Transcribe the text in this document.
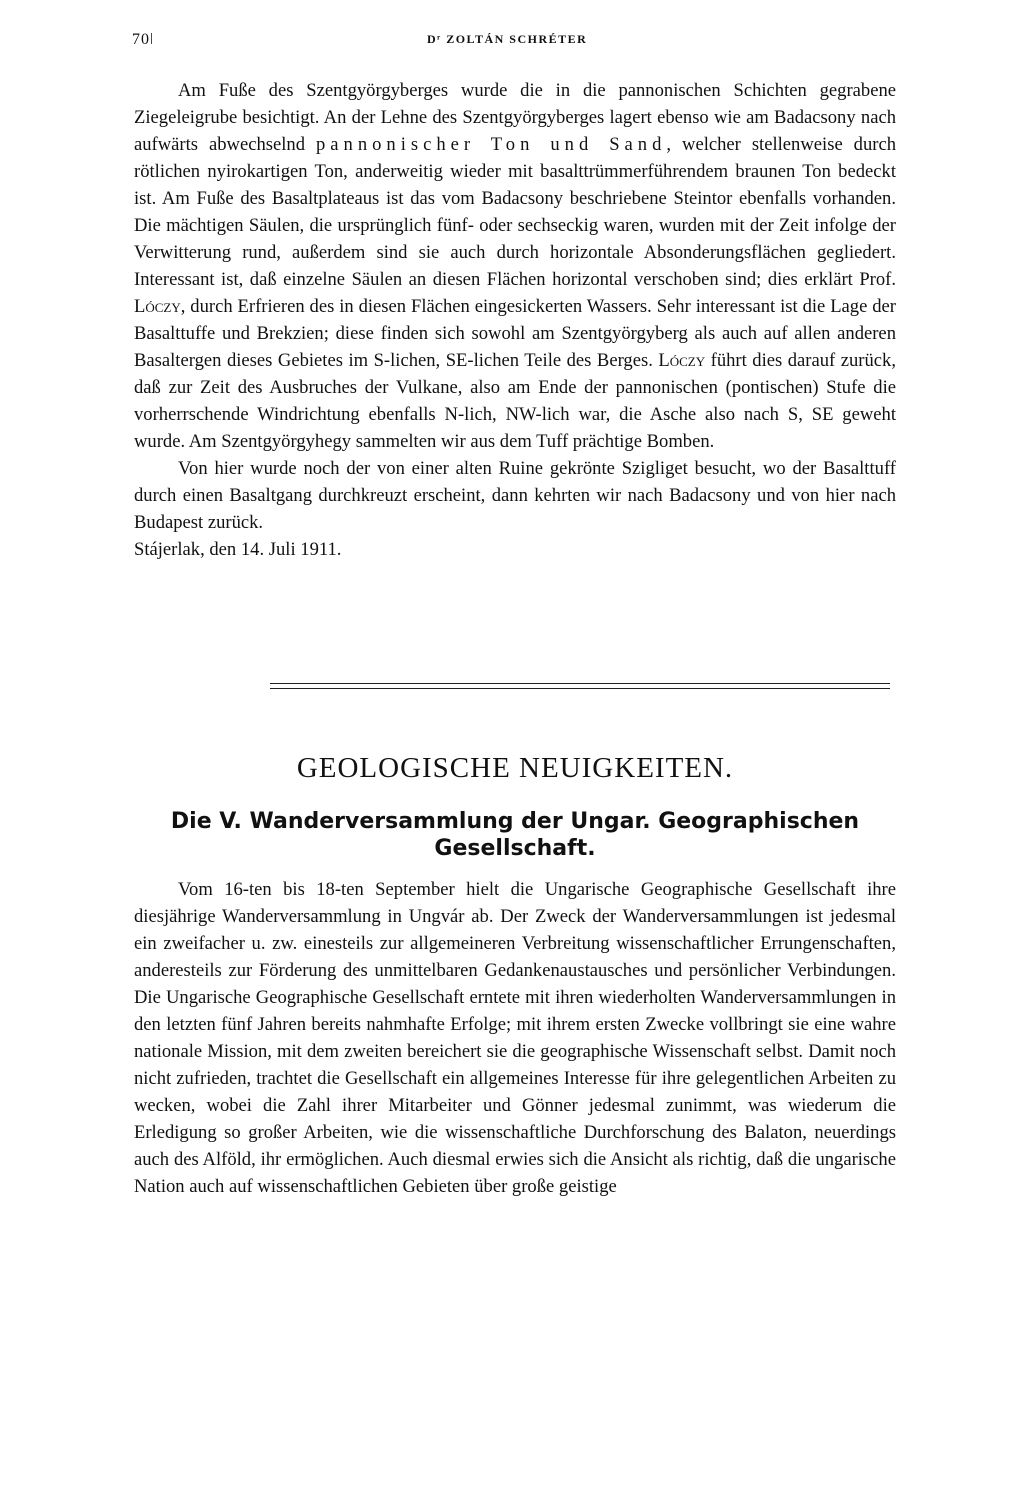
70⁠ǀ	Dʳ ZOLTÁN SCHRÉTER

Am Fuße des Szentgyörgyberges wurde die in die pannonischen Schichten gegrabene Ziegeleigrube besichtigt. An der Lehne des Szentgyörgyberges lagert ebenso wie am Badacsony nach aufwärts abwechselnd pannonischer Ton und Sand, welcher stellenweise durch rötlichen nyirokartigen Ton, anderweitig wieder mit basalttrümmerführendem braunen Ton bedeckt ist. Am Fuße des Basaltplateaus ist das vom Badacsony beschriebene Steintor ebenfalls vorhanden. Die mächtigen Säulen, die ursprünglich fünf- oder sechseckig waren, wurden mit der Zeit infolge der Verwitterung rund, außerdem sind sie auch durch horizontale Absonderungsflächen gegliedert. Interessant ist, daß einzelne Säulen an diesen Flächen horizontal verschoben sind; dies erklärt Prof. Lóczy, durch Erfrieren des in diesen Flächen eingesickerten Wassers. Sehr interessant ist die Lage der Basalttuffe und Brekzien; diese finden sich sowohl am Szentgyörgyberg als auch auf allen anderen Basaltergen dieses Gebietes im S-lichen, SE-lichen Teile des Berges. Lóczy führt dies darauf zurück, daß zur Zeit des Ausbruches der Vulkane, also am Ende der pannonischen (pontischen) Stufe die vorherrschende Windrichtung ebenfalls N-lich, NW-lich war, die Asche also nach S, SE geweht wurde. Am Szentgyörgyhegy sammelten wir aus dem Tuff prächtige Bomben.

Von hier wurde noch der von einer alten Ruine gekrönte Szigliget besucht, wo der Basalttuff durch einen Basaltgang durchkreuzt erscheint, dann kehrten wir nach Badacsony und von hier nach Budapest zurück.

Stájerlak, den 14. Juli 1911.

GEOLOGISCHE NEUIGKEITEN.
Die V. Wanderversammlung der Ungar. Geographischen
Gesellschaft.

Vom 16-ten bis 18-ten September hielt die Ungarische Geographische Gesellschaft ihre diesjährige Wanderversammlung in Ungvár ab. Der Zweck der Wanderversammlungen ist jedesmal ein zweifacher u. zw. einesteils zur allgemeineren Verbreitung wissenschaftlicher Errungenschaften, anderesteils zur Förderung des unmittelbaren Gedankenaustausches und persönlicher Verbindungen. Die Ungarische Geographische Gesellschaft erntete mit ihren wiederholten Wanderversammlungen in den letzten fünf Jahren bereits nahmhafte Erfolge; mit ihrem ersten Zwecke vollbringt sie eine wahre nationale Mission, mit dem zweiten bereichert sie die geographische Wissenschaft selbst. Damit noch nicht zufrieden, trachtet die Gesellschaft ein allgemeines Interesse für ihre gelegentlichen Arbeiten zu wecken, wobei die Zahl ihrer Mitarbeiter und Gönner jedesmal zunimmt, was wiederum die Erledigung so großer Arbeiten, wie die wissenschaftliche Durchforschung des Balaton, neuerdings auch des Alföld, ihr ermöglichen. Auch diesmal erwies sich die Ansicht als richtig, daß die ungarische Nation auch auf wissenschaftlichen Gebieten über große geistige
